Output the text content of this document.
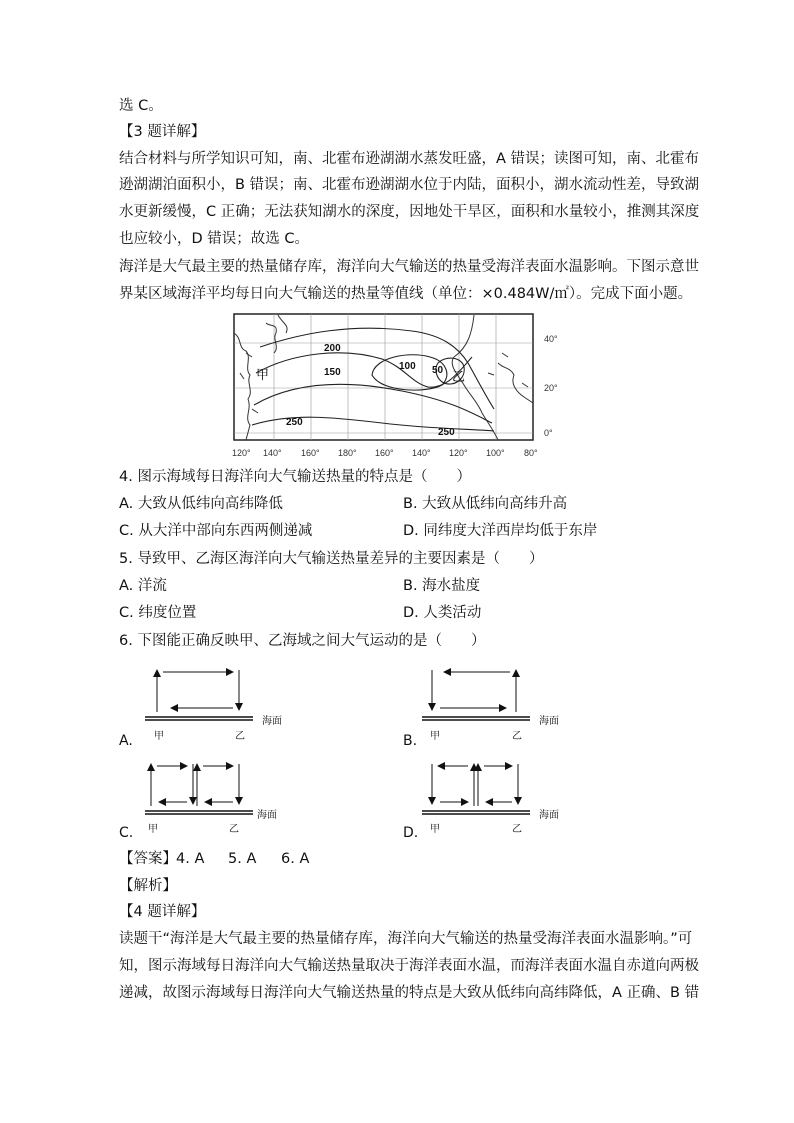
选 C。
【3 题详解】
结合材料与所学知识可知，南、北霍布逊湖湖水蒸发旺盛，A 错误；读图可知，南、北霍布
逊湖湖泊面积小，B 错误；南、北霍布逊湖湖水位于内陆，面积小，湖水流动性差，导致湖
水更新缓慢，C 正确；无法获知湖水的深度，因地处干旱区，面积和水量较小，推测其深度
也应较小，D 错误；故选 C。
海洋是大气最主要的热量储存库，海洋向大气输送的热量受海洋表面水温影响。下图示意世
界某区域海洋平均每日向大气输送的热量等值线（单位：×0.484W/㎡）。完成下面小题。
200
150
100 50
250
250
甲	乙
40°
20°
0°
120° 140° 160° 180° 160° 140° 120° 100° 80°
4. 图示海域每日海洋向大气输送热量的特点是（　　）
A. 大致从低纬向高纬降低	B. 大致从低纬向高纬升高
C. 从大洋中部向东西两侧递减	D. 同纬度大洋西岸均低于东岸
5. 导致甲、乙海区海洋向大气输送热量差异的主要因素是（　　）
A. 洋流	B. 海水盐度
C. 纬度位置	D. 人类活动
6. 下图能正确反映甲、乙海域之间大气运动的是（　　）
A. 甲	乙
海面
B. 甲	乙
海面
C. 甲	乙
海面
D. 甲	乙
海面
【答案】 4. A 5. A 6. A
【解析】
【4 题详解】
读题干“海洋是大气最主要的热量储存库，海洋向大气输送的热量受海洋表面水温影响。”可
知，图示海域每日海洋向大气输送热量取决于海洋表面水温，而海洋表面水温自赤道向两极
递减，故图示海域每日海洋向大气输送热量的特点是大致从低纬向高纬降低，A 正确、B 错
